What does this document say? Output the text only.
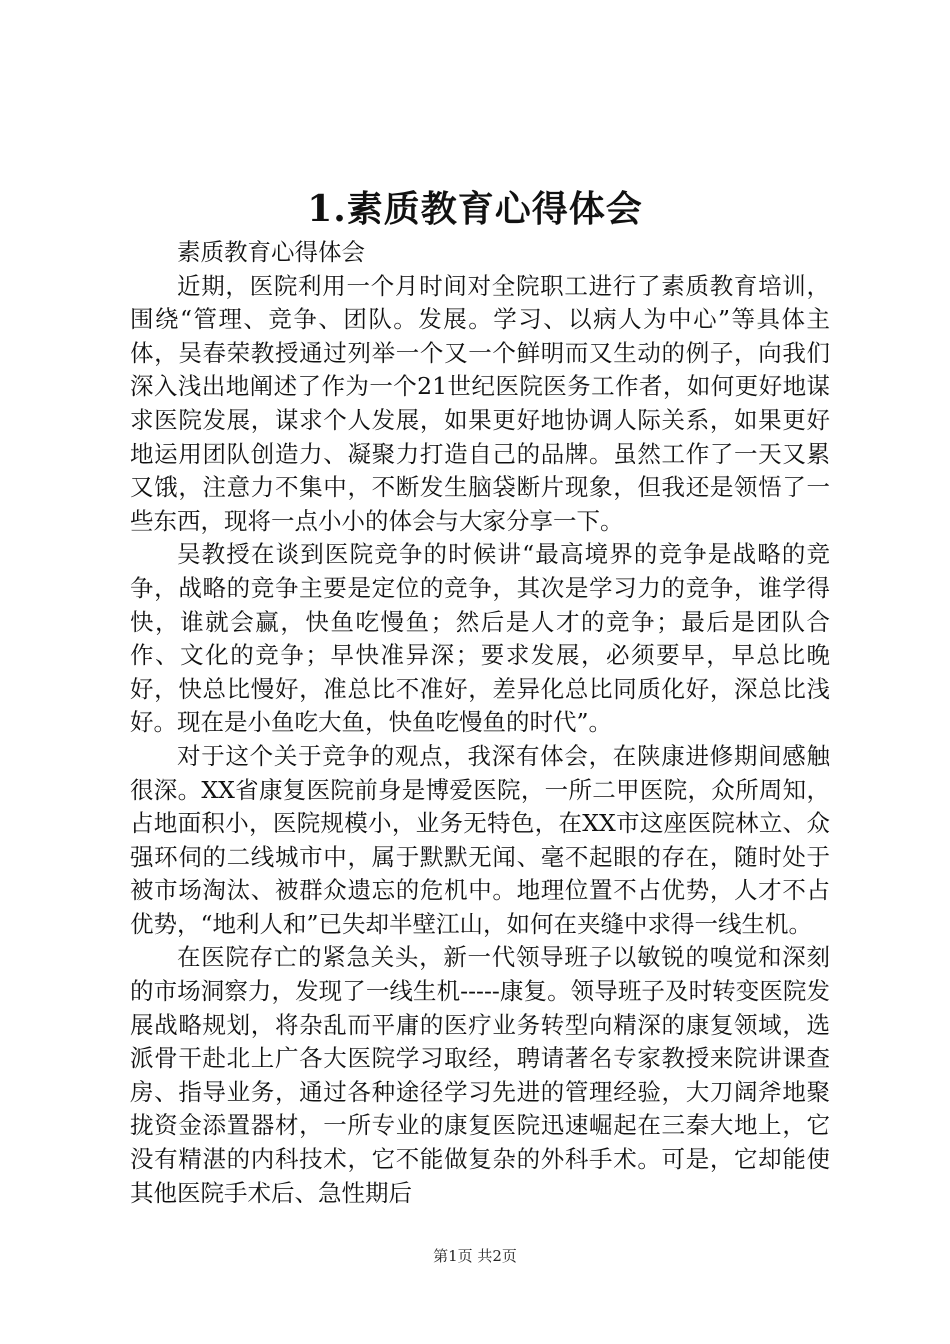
1.素质教育心得体会

素质教育心得体会

近期，医院利用一个月时间对全院职工进行了素质教育培训，围绕“管理、竞争、团队。发展。学习、以病人为中心”等具体主体，吴春荣教授通过列举一个又一个鲜明而又生动的例子，向我们深入浅出地阐述了作为一个21世纪医院医务工作者，如何更好地谋求医院发展，谋求个人发展，如果更好地协调人际关系，如果更好地运用团队创造力、凝聚力打造自己的品牌。虽然工作了一天又累又饿，注意力不集中，不断发生脑袋断片现象，但我还是领悟了一些东西，现将一点小小的体会与大家分享一下。

吴教授在谈到医院竞争的时候讲“最高境界的竞争是战略的竞争，战略的竞争主要是定位的竞争，其次是学习力的竞争，谁学得快，谁就会赢，快鱼吃慢鱼；然后是人才的竞争；最后是团队合作、文化的竞争；早快准异深；要求发展，必须要早，早总比晚好，快总比慢好，准总比不准好，差异化总比同质化好，深总比浅好。现在是小鱼吃大鱼，快鱼吃慢鱼的时代”。

对于这个关于竞争的观点，我深有体会，在陕康进修期间感触很深。XX省康复医院前身是博爱医院，一所二甲医院，众所周知，占地面积小，医院规模小，业务无特色，在XX市这座医院林立、众强环伺的二线城市中，属于默默无闻、毫不起眼的存在，随时处于被市场淘汰、被群众遗忘的危机中。地理位置不占优势，人才不占优势，“地利人和”已失却半壁江山，如何在夹缝中求得一线生机。

在医院存亡的紧急关头，新一代领导班子以敏锐的嗅觉和深刻的市场洞察力，发现了一线生机-----康复。领导班子及时转变医院发展战略规划，将杂乱而平庸的医疗业务转型向精深的康复领域，选派骨干赴北上广各大医院学习取经，聘请著名专家教授来院讲课查房、指导业务，通过各种途径学习先进的管理经验，大刀阔斧地聚拢资金添置器材，一所专业的康复医院迅速崛起在三秦大地上，它没有精湛的内科技术，它不能做复杂的外科手术。可是，它却能使其他医院手术后、急性期后

第1页 共2页
